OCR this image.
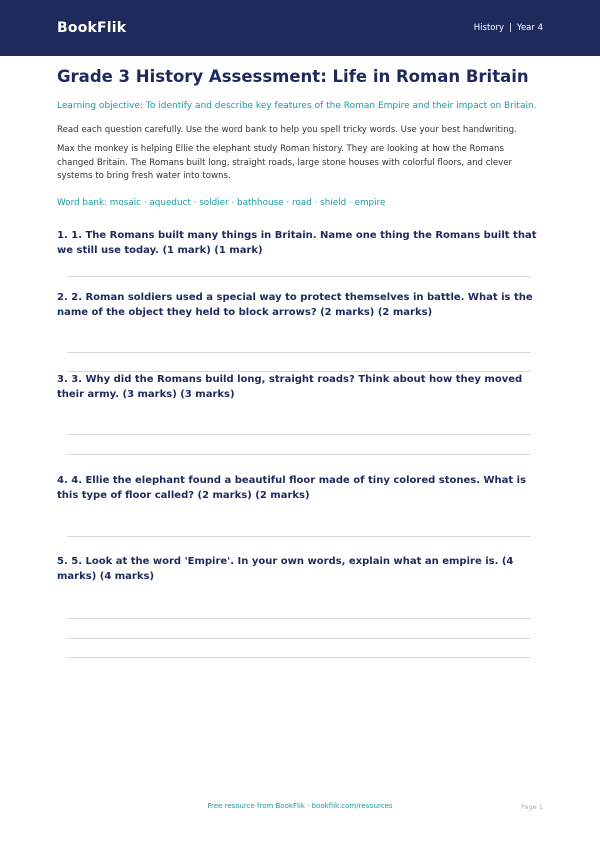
BookFlik	History | Year 4
Grade 3 History Assessment: Life in Roman Britain
Learning objective: To identify and describe key features of the Roman Empire and their impact on Britain.
Read each question carefully. Use the word bank to help you spell tricky words. Use your best handwriting.
Max the monkey is helping Ellie the elephant study Roman history. They are looking at how the Romans changed Britain. The Romans built long, straight roads, large stone houses with colorful floors, and clever systems to bring fresh water into towns.
Word bank: mosaic · aqueduct · soldier · bathhouse · road · shield · empire
1. 1. The Romans built many things in Britain. Name one thing the Romans built that we still use today. (1 mark) (1 mark)
2. 2. Roman soldiers used a special way to protect themselves in battle. What is the name of the object they held to block arrows? (2 marks) (2 marks)
3. 3. Why did the Romans build long, straight roads? Think about how they moved their army. (3 marks) (3 marks)
4. 4. Ellie the elephant found a beautiful floor made of tiny colored stones. What is this type of floor called? (2 marks) (2 marks)
5. 5. Look at the word 'Empire'. In your own words, explain what an empire is. (4 marks) (4 marks)
Free resource from BookFlik · bookflik.com/resources	Page 1
